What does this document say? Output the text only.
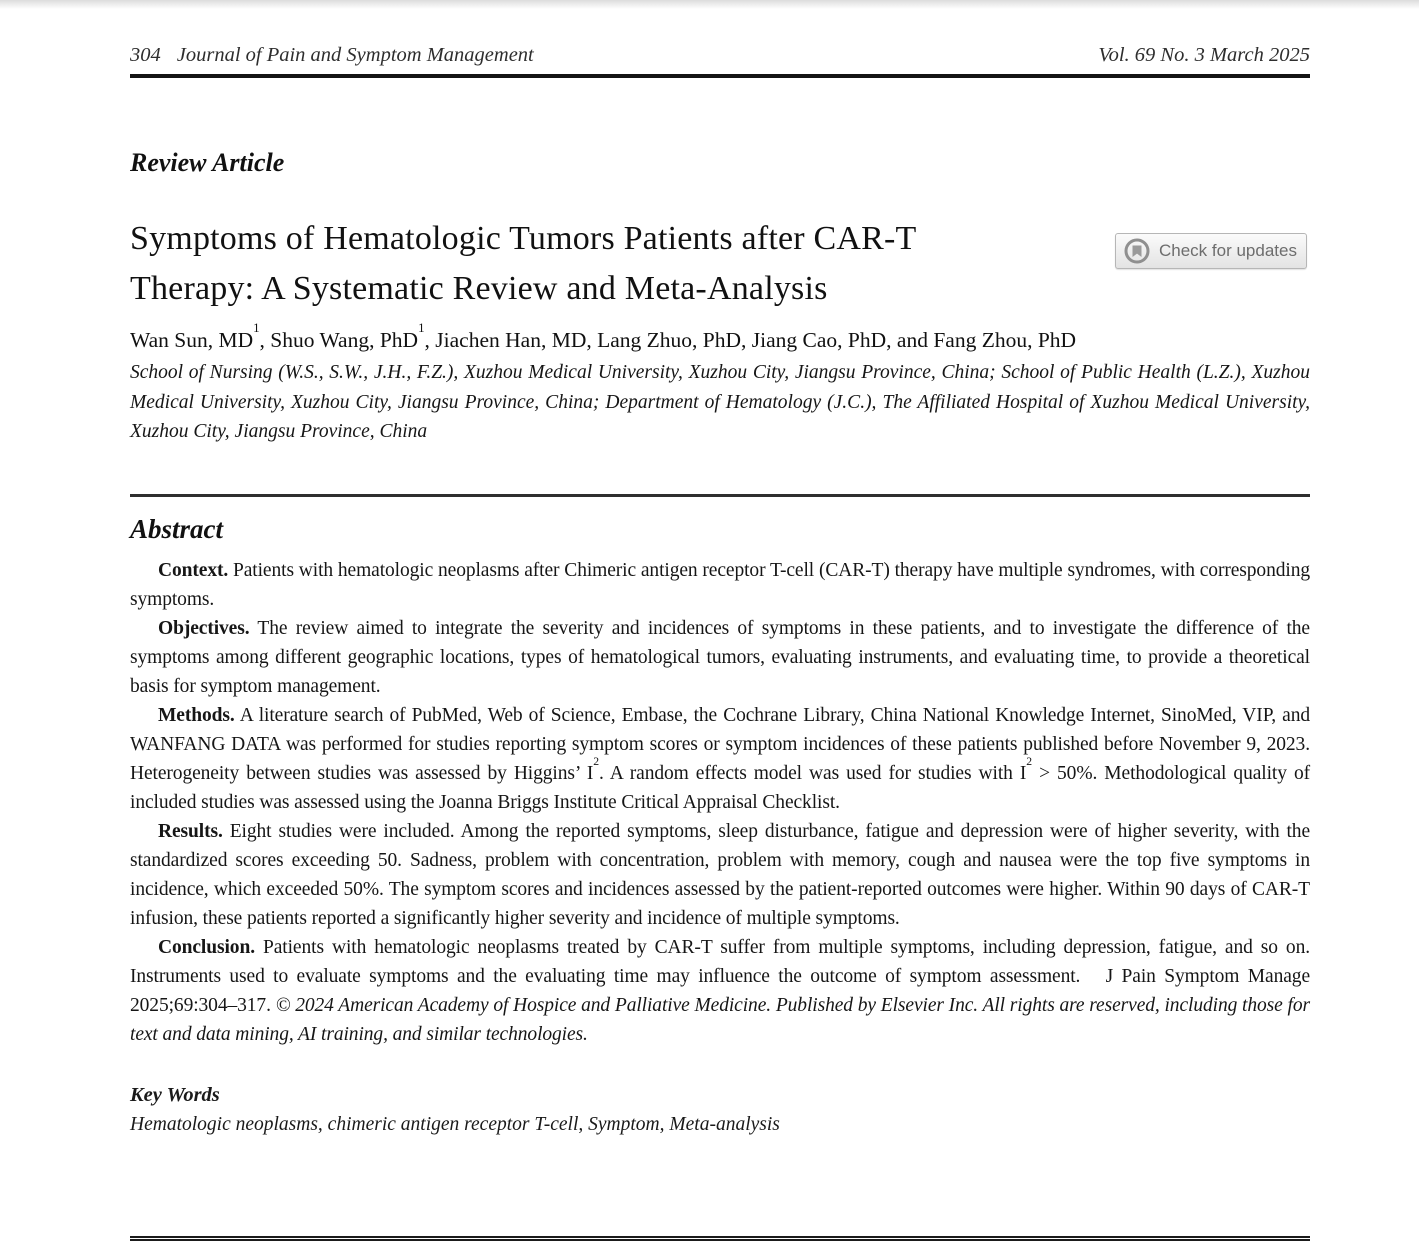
304 Journal of Pain and Symptom Management	Vol. 69 No. 3 March 2025
Review Article
Symptoms of Hematologic Tumors Patients after CAR-T
Therapy: A Systematic Review and Meta-Analysis

Wan Sun, $MD^1$, Shuo Wang, PhD$^1$, Jiachen Han, MD, Lang Zhuo, PhD, Jiang Cao, PhD, and Fang Zhou, PhD

School of Nursing (W.S., S.W., J.H., F.Z.), Xuzhou Medical University, Xuzhou City, Jiangsu Province, China; School of Public Health (L.Z.), Xuzhou Medical University, Xuzhou City, Jiangsu Province, China; Department of Hematology (J.C.), The Affiliated Hospital of Xuzhou Medical University, Xuzhou City, Jiangsu Province, China

Abstract

Context. Patients with hematologic neoplasms after Chimeric antigen receptor T-cell (CAR-T) therapy have multiple syndromes, with corresponding symptoms.

Objectives. The review aimed to integrate the severity and incidences of symptoms in these patients, and to investigate the difference of the symptoms among different geographic locations, types of hematological tumors, evaluating instruments, and evaluating time, to provide a theoretical basis for symptom management.

Methods. A literature search of PubMed, Web of Science, Embase, the Cochrane Library, China National Knowledge Internet, SinoMed, VIP, and WANFANG DATA was performed for studies reporting symptom scores or symptom incidences of these patients published before November 9, 2023. Heterogeneity between studies was assessed by Higgins’ $I^2$. A random effects model was used for studies with $I^2 > 50\%$. Methodological quality of included studies was assessed using the Joanna Briggs Institute Critical Appraisal Checklist.

Results. Eight studies were included. Among the reported symptoms, sleep disturbance, fatigue and depression were of higher severity, with the standardized scores exceeding 50. Sadness, problem with concentration, problem with memory, cough and nausea were the top five symptoms in incidence, which exceeded 50%. The symptom scores and incidences assessed by the patient-reported outcomes were higher. Within 90 days of CAR-T infusion, these patients reported a significantly higher severity and incidence of multiple symptoms.

Conclusion. Patients with hematologic neoplasms treated by CAR-T suffer from multiple symptoms, including depression, fatigue, and so on. Instruments used to evaluate symptoms and the evaluating time may influence the outcome of symptom assessment.   J Pain Symptom Manage 2025;69:304–317. © 2024 American Academy of Hospice and Palliative Medicine. Published by Elsevier Inc. All rights are reserved, including those for text and data mining, AI training, and similar technologies.

Key Words

Hematologic neoplasms, chimeric antigen receptor T-cell, Symptom, Meta-analysis

Check for updates
